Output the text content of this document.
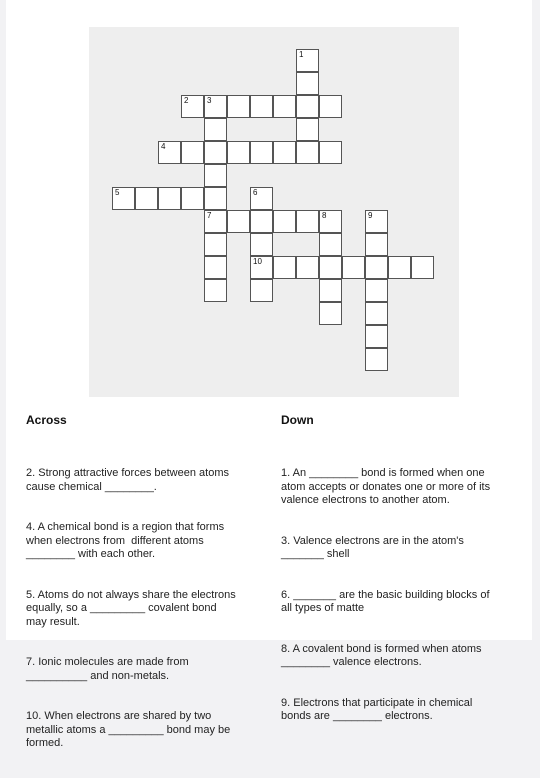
1
2 3
4
5	6
7	8	9
10
Across	Down

2. Strong attractive forces between atoms
cause chemical ________.

4. A chemical bond is a region that forms
when electrons from  different atoms
________ with each other.

5. Atoms do not always share the electrons
equally, so a _________ covalent bond
may result.

7. Ionic molecules are made from
__________ and non-metals.

10. When electrons are shared by two
metallic atoms a _________ bond may be
formed.

1. An ________ bond is formed when one
atom accepts or donates one or more of its
valence electrons to another atom.

3. Valence electrons are in the atom's
_______ shell

6. _______ are the basic building blocks of
all types of matte

8. A covalent bond is formed when atoms
________ valence electrons.

9. Electrons that participate in chemical
bonds are ________ electrons.
